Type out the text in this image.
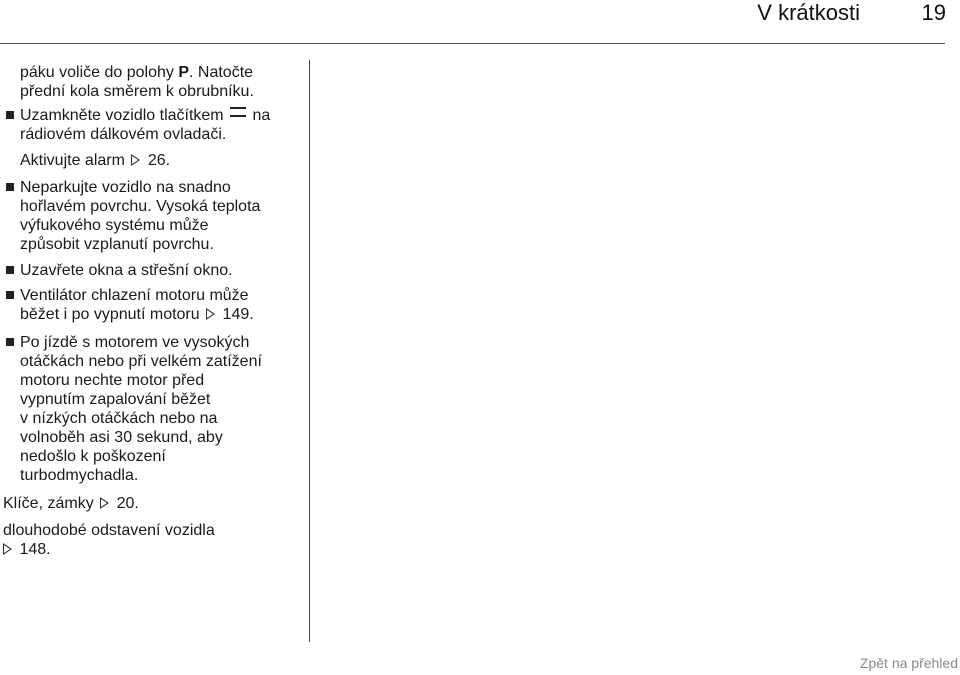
V krátkosti	19
páku voliče do polohy P. Natočte
přední kola směrem k obrubníku.
Uzamkněte vozidlo tlačítkem  na
rádiovém dálkovém ovladači.
Aktivujte alarm  26.
Neparkujte vozidlo na snadno
hořlavém povrchu. Vysoká teplota
výfukového systému může
způsobit vzplanutí povrchu.
Uzavřete okna a střešní okno.
Ventilátor chlazení motoru může
běžet i po vypnutí motoru  149.
Po jízdě s motorem ve vysokých
otáčkách nebo při velkém zatížení
motoru nechte motor před
vypnutím zapalování běžet
v nízkých otáčkách nebo na
volnoběh asi 30 sekund, aby
nedošlo k poškození
turbodmychadla.
Klíče, zámky  20.
dlouhodobé odstavení vozidla
148.
Zpět na přehled
